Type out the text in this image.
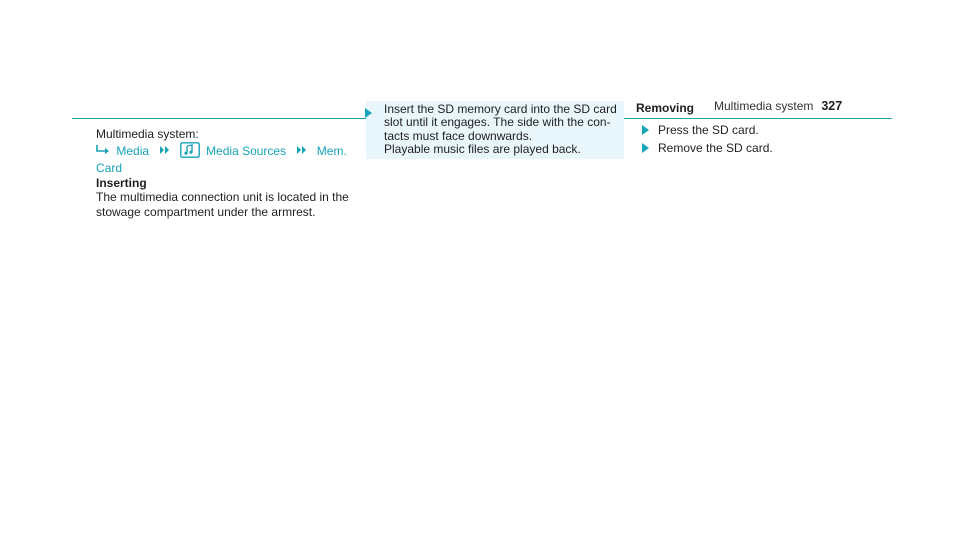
Multimedia system 327
Multimedia system:
Media	Media Sources	Mem.
Card
Inserting
The multimedia connection unit is located in the
stowage compartment under the armrest.
Insert the SD memory card into the SD card
slot until it engages. The side with the con-
tacts must face downwards.
Playable music files are played back.
Removing
Press the SD card.
Remove the SD card.
